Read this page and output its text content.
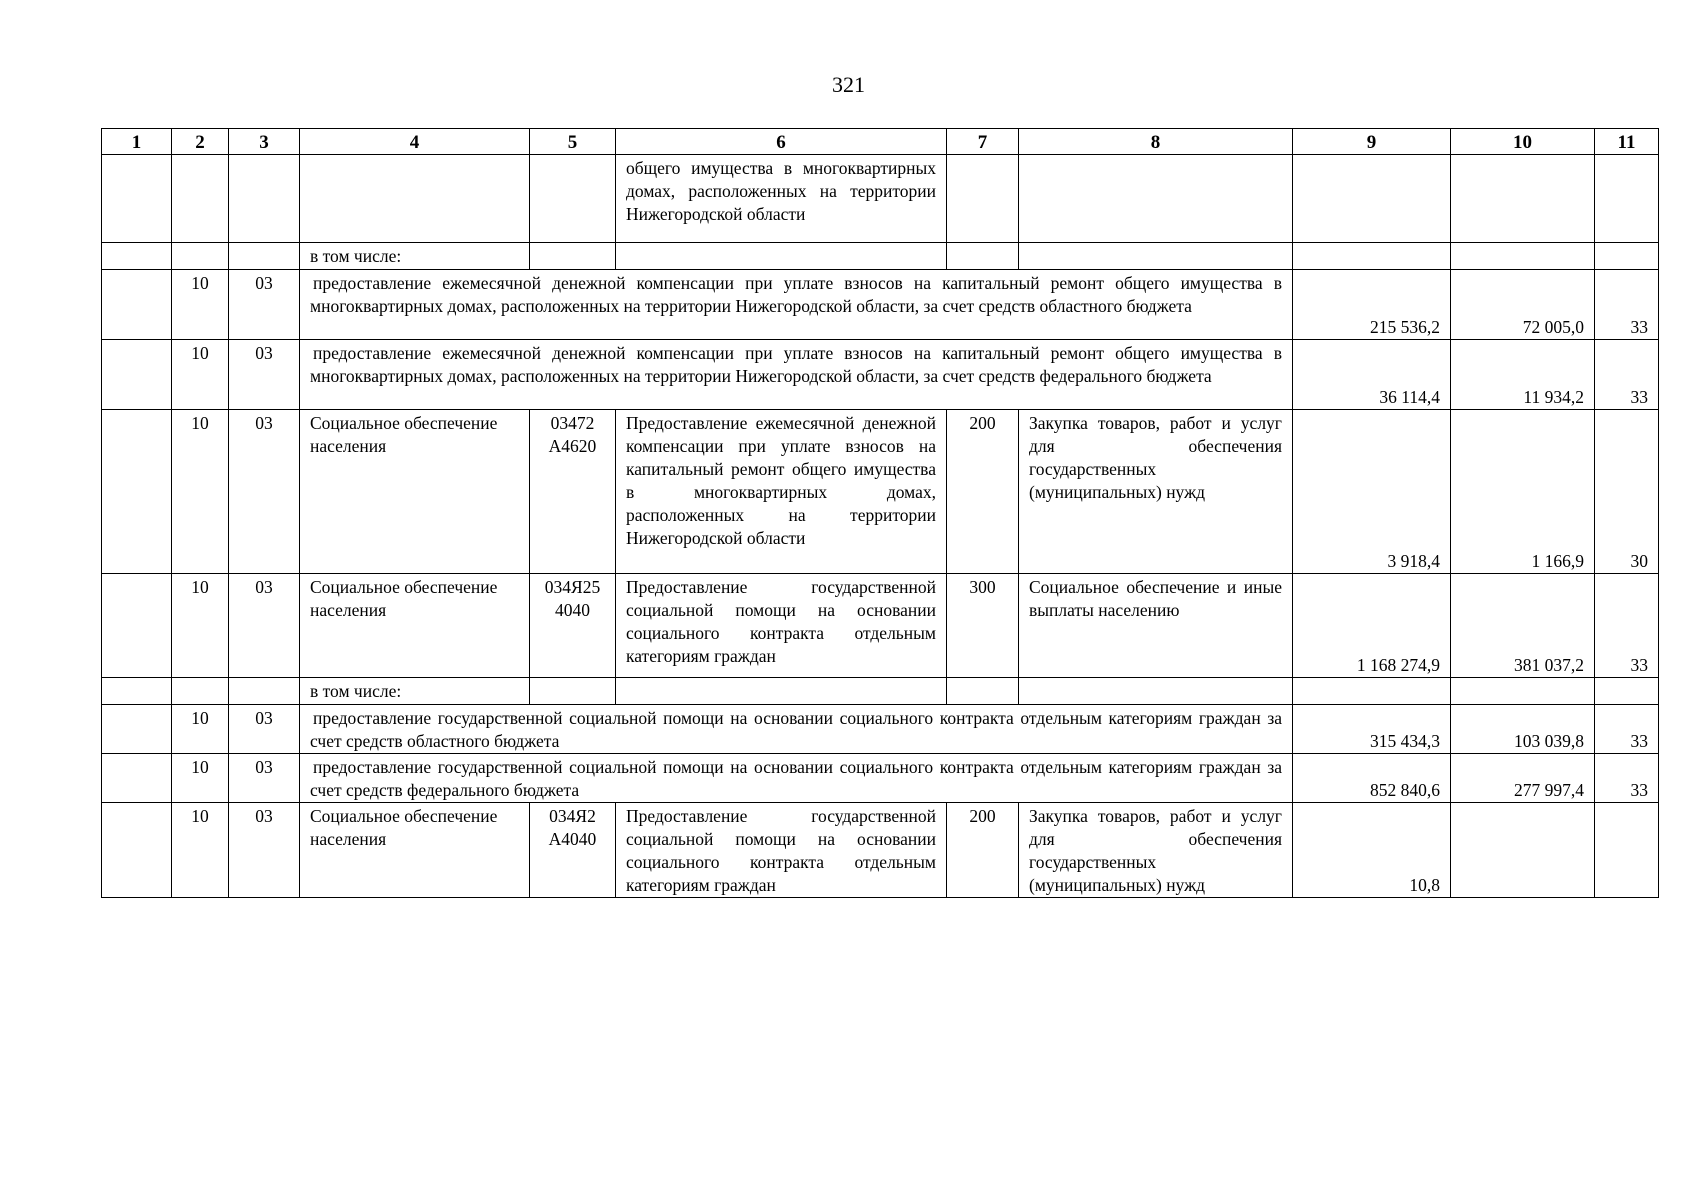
321
1	2	3	4	5	6	7	8	9	10	11
					общего имущества в многоквартирных домах, расположенных на территории Нижегородской области					
			в том числе:							
	10	03	предоставление ежемесячной денежной компенсации при уплате взносов на капитальный ремонт общего имущества в многоквартирных домах, расположенных на территории Нижегородской области, за счет средств областного бюджета					215 536,2	72 005,0	33
	10	03	предоставление ежемесячной денежной компенсации при уплате взносов на капитальный ремонт общего имущества в многоквартирных домах, расположенных на территории Нижегородской области, за счет средств федерального бюджета					36 114,4	11 934,2	33
	10	03	Социальное обеспечение населения	03472 А4620	Предоставление ежемесячной денежной компенсации при уплате взносов на капитальный ремонт общего имущества в многоквартирных домах, расположенных на территории Нижегородской области	200	Закупка товаров, работ и услуг для обеспечения государственных (муниципальных) нужд	3 918,4	1 166,9	30
	10	03	Социальное обеспечение населения	034Я25 4040	Предоставление государственной социальной помощи на основании социального контракта отдельным категориям граждан	300	Социальное обеспечение и иные выплаты населению	1 168 274,9	381 037,2	33
			в том числе:							
	10	03	предоставление государственной социальной помощи на основании социального контракта отдельным категориям граждан за счет средств областного бюджета					315 434,3	103 039,8	33
	10	03	предоставление государственной социальной помощи на основании социального контракта отдельным категориям граждан за счет средств федерального бюджета					852 840,6	277 997,4	33
	10	03	Социальное обеспечение населения	034Я2 А4040	Предоставление государственной социальной помощи на основании социального контракта отдельным категориям граждан	200	Закупка товаров, работ и услуг для обеспечения государственных (муниципальных) нужд	10,8		
